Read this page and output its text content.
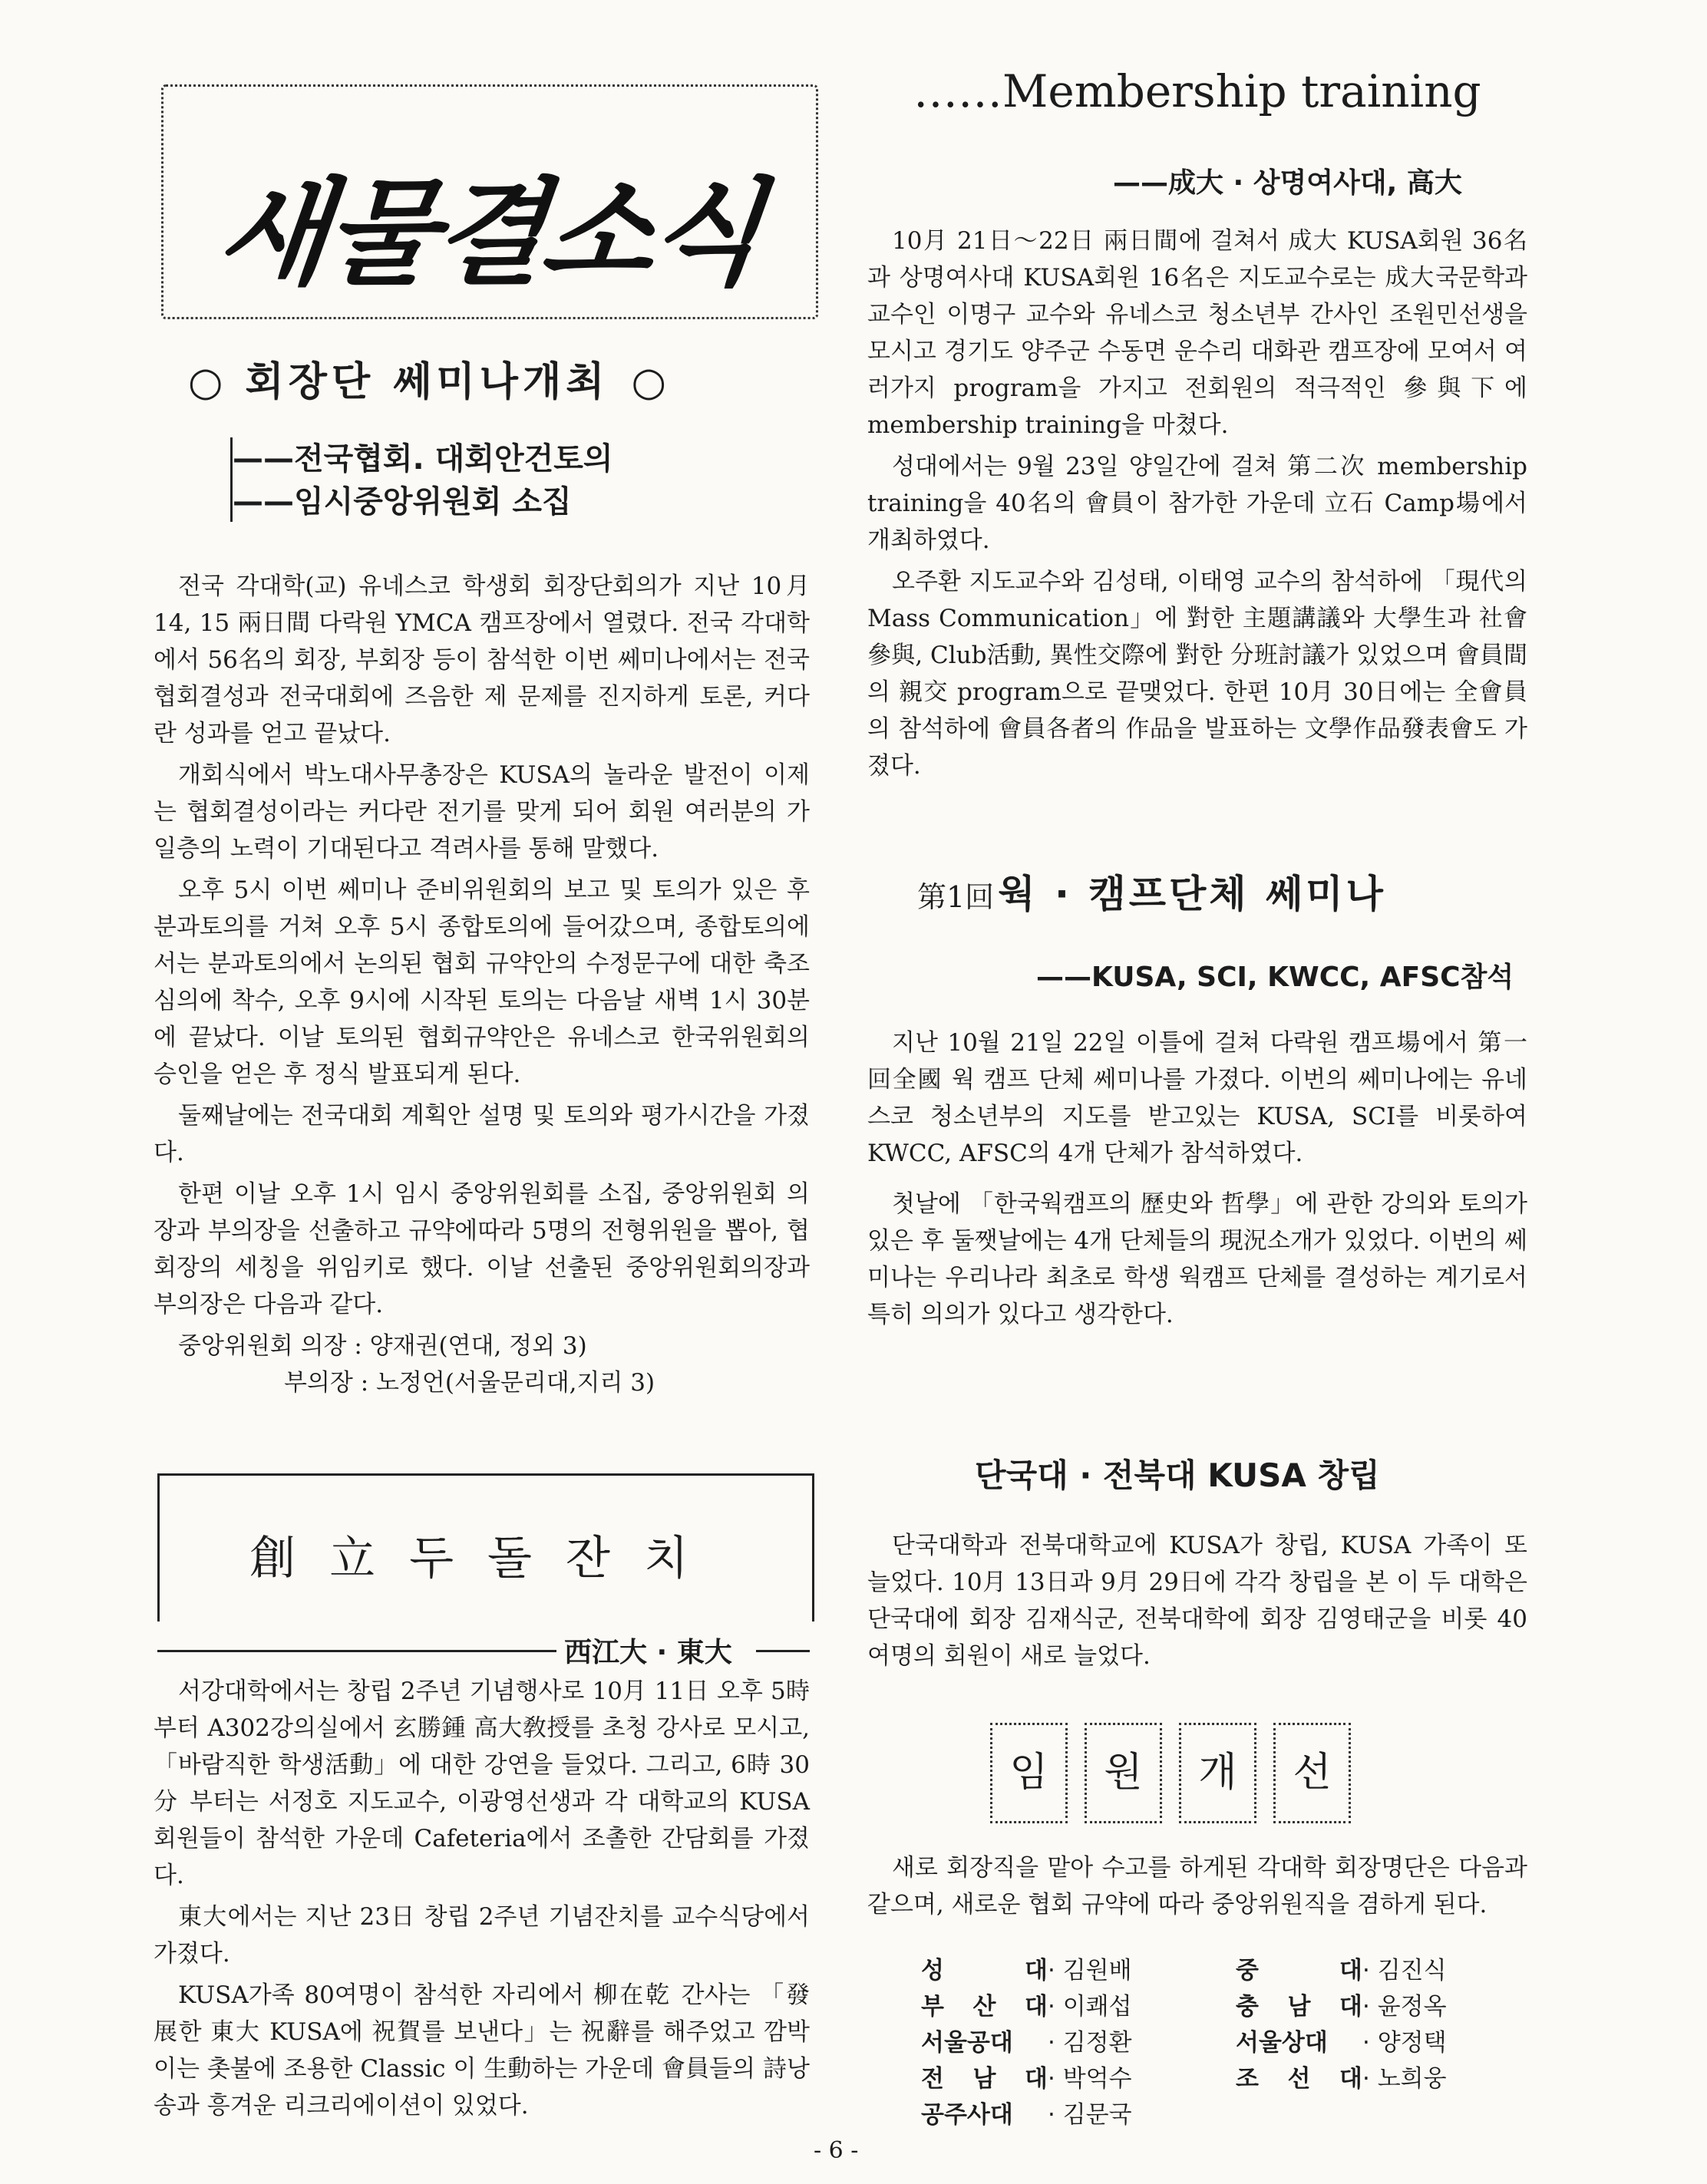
새물결소식
○ 회장단 쎄미나개최 ○
——전국협회. 대회안건토의
——임시중앙위원회 소집

전국 각대학(교) 유네스코 학생회 회장단회의가 지난 10月 14, 15 兩日間 다락원 YMCA 캠프장에서 열렸다. 전국 각대학에서 56名의 회장, 부회장 등이 참석한 이번 쎄미나에서는 전국협회결성과 전국대회에 즈음한 제 문제를 진지하게 토론, 커다란 성과를 얻고 끝났다.

개회식에서 박노대사무총장은 KUSA의 놀라운 발전이 이제는 협회결성이라는 커다란 전기를 맞게 되어 회원 여러분의 가일층의 노력이 기대된다고 격려사를 통해 말했다.

오후 5시 이번 쎄미나 준비위원회의 보고 및 토의가 있은 후 분과토의를 거쳐 오후 5시 종합토의에 들어갔으며, 종합토의에서는 분과토의에서 논의된 협회 규약안의 수정문구에 대한 축조심의에 착수, 오후 9시에 시작된 토의는 다음날 새벽 1시 30분에 끝났다. 이날 토의된 협회규약안은 유네스코 한국위원회의 승인을 얻은 후 정식 발표되게 된다.

둘째날에는 전국대회 계획안 설명 및 토의와 평가시간을 가졌다.

한편 이날 오후 1시 임시 중앙위원회를 소집, 중앙위원회 의장과 부의장을 선출하고 규약에따라 5명의 전형위원을 뽑아, 협회장의 세칭을 위임키로 했다. 이날 선출된 중앙위원회의장과 부의장은 다음과 같다.

중앙위원회 의장 : 양재권(연대, 정외 3)
부의장 : 노정언(서울문리대,지리 3)
創立두돌잔치
西江大 · 東大

서강대학에서는 창립 2주년 기념행사로 10月 11日 오후 5時부터 A302강의실에서 玄勝鍾 高大敎授를 초청 강사로 모시고, 「바람직한 학생活動」에 대한 강연을 들었다. 그리고, 6時 30分 부터는 서정호 지도교수, 이광영선생과 각 대학교의 KUSA회원들이 참석한 가운데 Cafeteria에서 조촐한 간담회를 가졌다.

東大에서는 지난 23日 창립 2주년 기념잔치를 교수식당에서 가졌다.

KUSA가족 80여명이 참석한 자리에서 柳在乾 간사는 「發展한 東大 KUSA에 祝賀를 보낸다」는 祝辭를 해주었고 깜박이는 촛불에 조용한 Classic 이 生動하는 가운데 會員들의 詩낭송과 흥겨운 리크리에이션이 있었다.

……Membership training
——成大 · 상명여사대, 高大

10月 21日～22日 兩日間에 걸쳐서 成大 KUSA회원 36名과 상명여사대 KUSA회원 16名은 지도교수로는 成大국문학과교수인 이명구 교수와 유네스코 청소년부 간사인 조원민선생을 모시고 경기도 양주군 수동면 운수리 대화관 캠프장에 모여서 여러가지 program을 가지고 전회원의 적극적인 參與下에 membership training을 마쳤다.

성대에서는 9월 23일 양일간에 걸쳐 第二次 membership training을 40名의 會員이 참가한 가운데 立石 Camp場에서 개최하였다.

오주환 지도교수와 김성태, 이태영 교수의 참석하에 「現代의 Mass Communication」에 對한 主題講議와 大學生과 社會參與, Club活動, 異性交際에 對한 分班討議가 있었으며 會員間의 親交 program으로 끝맺었다. 한편 10月 30日에는 全會員의 참석하에 會員各者의 作品을 발표하는 文學作品發表會도 가졌다.

第1回 웍 · 캠프단체 쎄미나
——KUSA, SCI, KWCC, AFSC참석

지난 10월 21일 22일 이틀에 걸쳐 다락원 캠프場에서 第一回全國 웍 캠프 단체 쎄미나를 가졌다. 이번의 쎄미나에는 유네스코 청소년부의 지도를 받고있는 KUSA, SCI를 비롯하여 KWCC, AFSC의 4개 단체가 참석하였다.

첫날에 「한국웍캠프의 歷史와 哲學」에 관한 강의와 토의가 있은 후 둘쨋날에는 4개 단체들의 現況소개가 있었다. 이번의 쎄미나는 우리나라 최초로 학생 웍캠프 단체를 결성하는 계기로서 특히 의의가 있다고 생각한다.

단국대 · 전북대 KUSA 창립

단국대학과 전북대학교에 KUSA가 창립, KUSA 가족이 또 늘었다. 10月 13日과 9月 29日에 각각 창립을 본 이 두 대학은 단국대에 회장 김재식군, 전북대학에 회장 김영태군을 비롯 40여명의 회원이 새로 늘었다.

임 원 개 선

새로 회장직을 맡아 수고를 하게된 각대학 회장명단은 다음과 같으며, 새로운 협회 규약에 따라 중앙위원직을 겸하게 된다.

성 대· 김원배	중 대· 김진식
부 산 대· 이쾌섭	충 남 대· 윤정옥
서울공대 · 김정환	서울상대 · 양정택
전 남 대· 박억수	조 선 대· 노희웅
공주사대 · 김문국
- 6 -
